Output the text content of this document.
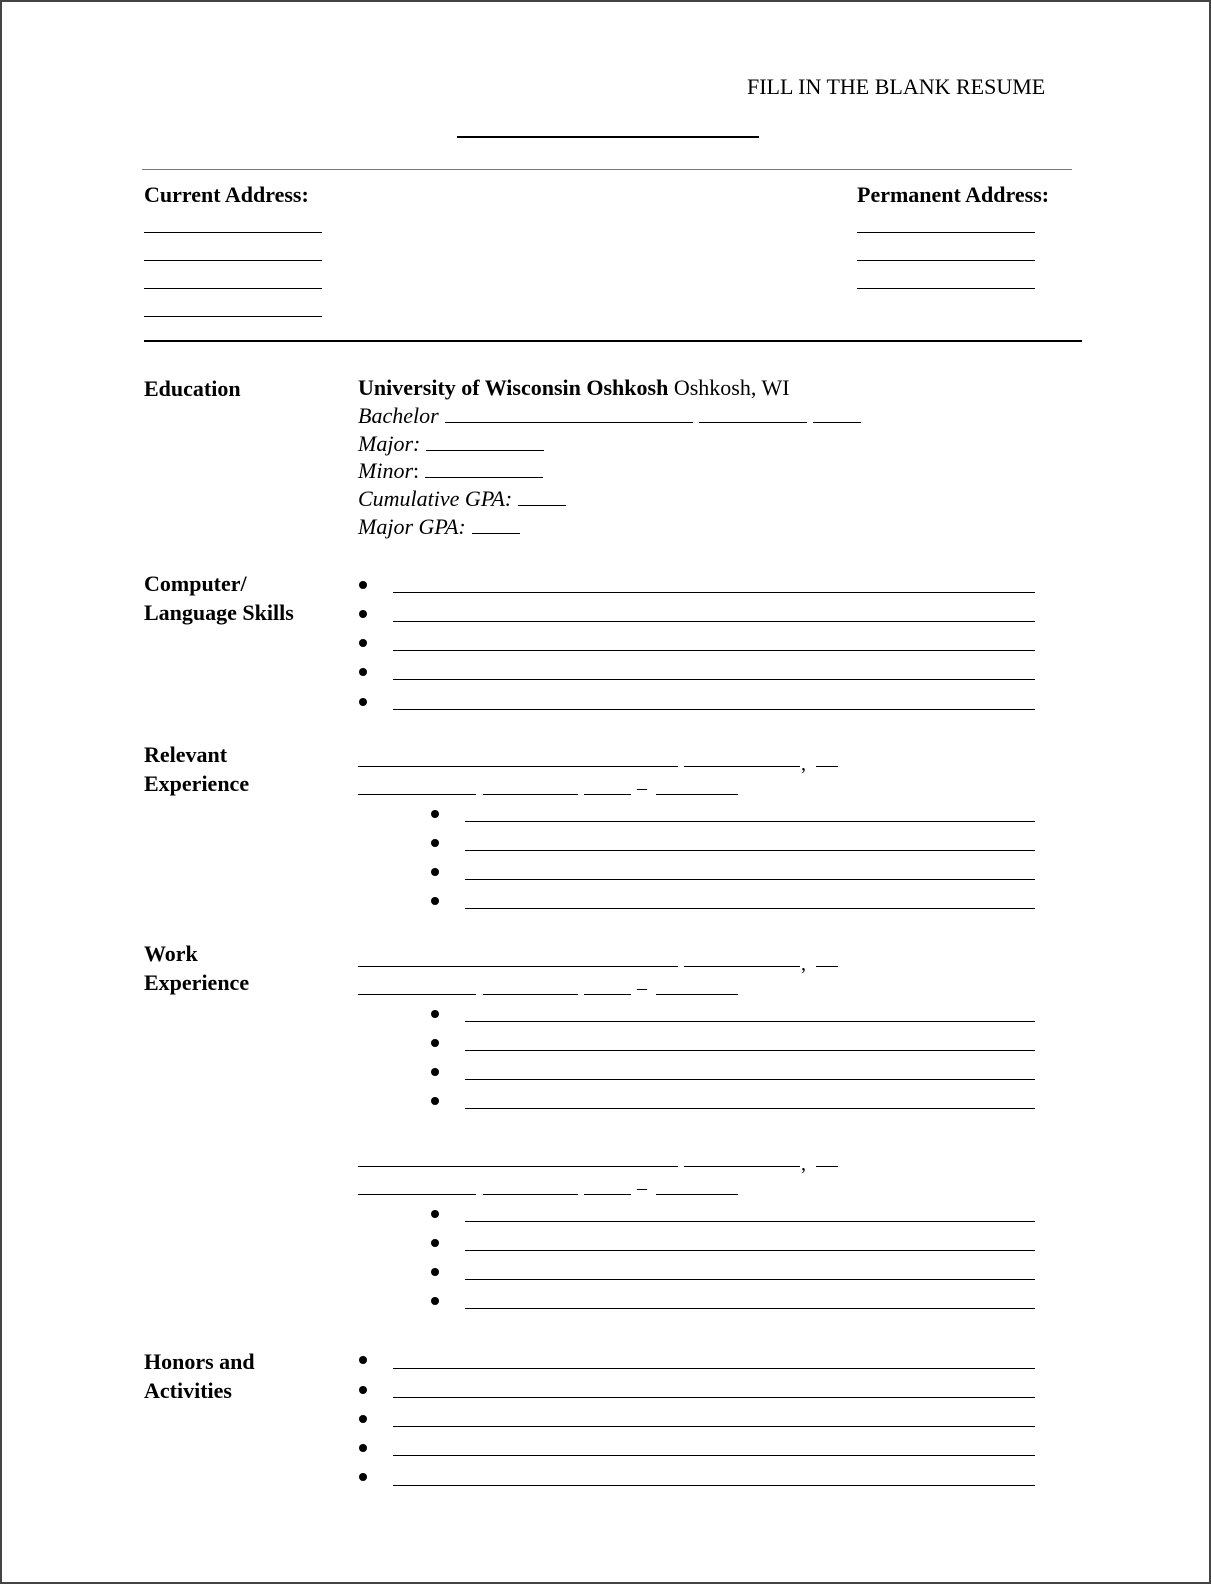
FILL IN THE BLANK RESUME
Current Address:	Permanent Address:
Education	University of Wisconsin Oshkosh Oshkosh, WI
Bachelor
Major:
Minor:
Cumulative GPA:
Major GPA:
Computer/
Language Skills
Relevant
Experience
,
–
Work
Experience
,
–
,
–
Honors and
Activities
